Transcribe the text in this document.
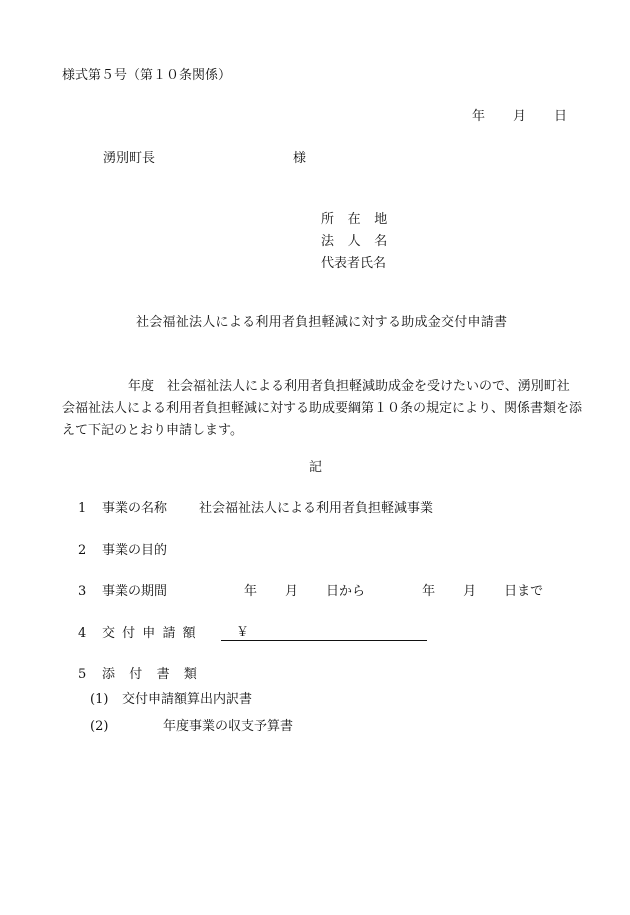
様式第５号（第１０条関係）
年 月 日
湧別町長	様
所在地
法人名
代表者氏名
社会福祉法人による利用者負担軽減に対する助成金交付申請書
年度　社会福祉法人による利用者負担軽減助成金を受けたいので、湧別町社会福祉法人による利用者負担軽減に対する助成要綱第１０条の規定により、関係書類を添えて下記のとおり申請します。
記
1 事業の名称 社会福祉法人による利用者負担軽減事業
2 事業の目的
3 事業の期間	年 月 日から	年 月 日まで
4 交付申請額	￥
5 添付書類
(1) 交付申請額算出内訳書
(2)	年度事業の収支予算書
